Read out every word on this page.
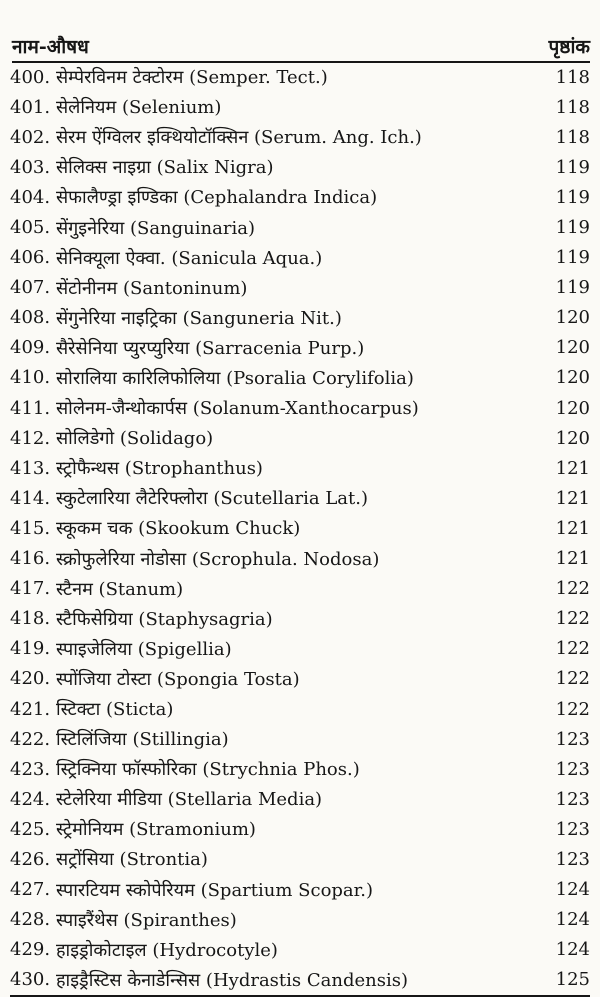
नाम-औषध	पृष्ठांक
400. सेम्पेरविनम टेक्टोरम (Semper. Tect.)	118
401. सेलेनियम (Selenium)	118
402. सेरम ऐंग्विलर इक्थियोटॉक्सिन (Serum. Ang. Ich.)	118
403. सेलिक्स नाइग्रा (Salix Nigra)	119
404. सेफालैण्ड्रा इण्डिका (Cephalandra Indica)	119
405. सेंगुइनेरिया (Sanguinaria)	119
406. सेनिक्यूला ऐक्वा. (Sanicula Aqua.)	119
407. सेंटोनीनम (Santoninum)	119
408. सेंगुनेरिया नाइट्रिका (Sanguneria Nit.)	120
409. सैरेसेनिया प्युरप्युरिया (Sarracenia Purp.)	120
410. सोरालिया कारिलिफोलिया (Psoralia Corylifolia)	120
411. सोलेनम-जैन्थोकार्पस (Solanum-Xanthocarpus)	120
412. सोलिडेगो (Solidago)	120
413. स्ट्रोफैन्थस (Strophanthus)	121
414. स्कुटेलारिया लैटेरिफ्लोरा (Scutellaria Lat.)	121
415. स्कूकम चक (Skookum Chuck)	121
416. स्क्रोफुलेरिया नोडोसा (Scrophula. Nodosa)	121
417. स्टैनम (Stanum)	122
418. स्टैफिसेग्रिया (Staphysagria)	122
419. स्पाइजेलिया (Spigellia)	122
420. स्पोंजिया टोस्टा (Spongia Tosta)	122
421. स्टिक्टा (Sticta)	122
422. स्टिलिंजिया (Stillingia)	123
423. स्ट्रिक्निया फॉस्फोरिका (Strychnia Phos.)	123
424. स्टेलेरिया मीडिया (Stellaria Media)	123
425. स्ट्रेमोनियम (Stramonium)	123
426. सट्रोंसिया (Strontia)	123
427. स्पारटियम स्कोपेरियम (Spartium Scopar.)	124
428. स्पाइरैंथेस (Spiranthes)	124
429. हाइड्रोकोटाइल (Hydrocotyle)	124
430. हाइड्रैस्टिस केनाडेन्सिस (Hydrastis Candensis)	125
